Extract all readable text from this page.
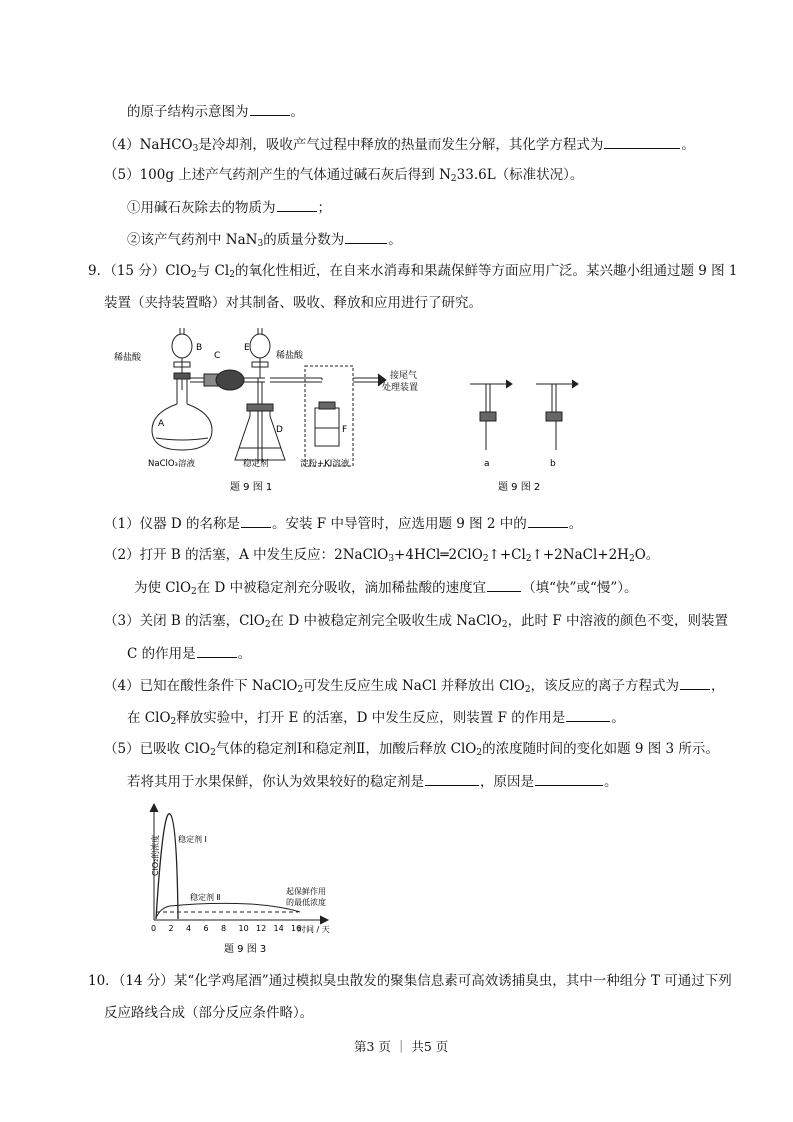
的原子结构示意图为	。
（4）NaHCO$_3$是冷却剂，吸收产气过程中释放的热量而发生分解，其化学方程式为	。
（5）100g 上述产气药剂产生的气体通过碱石灰后得到 $N_233.6L$（标准状况）。
①用碱石灰除去的物质为	；
②该产气药剂中 NaN$_3$的质量分数为	。
9．（15 分）ClO$_2$与 $Cl_2$的氧化性相近，在自来水消毒和果蔬保鲜等方面应用广泛。某兴趣小组通过题 9 图 1
装置（夹持装置略）对其制备、吸收、释放和应用进行了研究。
稀盐酸
B
C
E
稀盐酸
A
D	F
接尾气
处理装置
NaClO₃溶液	稳定剂	淀粉+KI溶液
题 9 图 1
a	b
题 9 图 2
（1）仪器 D 的名称是 。安装 F 中导管时，应选用题 9 图 2 中的	。
（2）打开 B 的活塞，A 中发生反应：$2NaClO_3+4HCl═2ClO_2↑+Cl_2↑+2NaCl+2H_2O$。
为使 ClO$_2$在 D 中被稳定剂充分吸收，滴加稀盐酸的速度宜	（填“快”或“慢”）。
（3）关闭 B 的活塞，ClO$_2$在 D 中被稳定剂完全吸收生成 NaClO$_2$，此时 F 中溶液的颜色不变，则装置
C 的作用是	。
（4）已知在酸性条件下 NaClO$_2$可发生反应生成 NaCl 并释放出 ClO$_2$，该反应的离子方程式为 ，
在 ClO$_2$释放实验中，打开 E 的活塞，D 中发生反应，则装置 F 的作用是	。
（5）已吸收 ClO$_2$气体的稳定剂Ⅰ和稳定剂Ⅱ，加酸后释放 ClO$_2$的浓度随时间的变化如题 9 图 3 所示。
若将其用于水果保鲜，你认为效果较好的稳定剂是	，原因是	。
0 2 4 6 8 10 12 14 16
ClO₂的浓度
时间 / 天
稳定剂 Ⅰ
稳定剂 Ⅱ
起保鲜作用
的最低浓度
题 9 图 3
10．（14 分）某“化学鸡尾酒”通过模拟臭虫散发的聚集信息素可高效诱捕臭虫，其中一种组分 T 可通过下列
反应路线合成（部分反应条件略）。
第3 页 ｜ 共5 页
